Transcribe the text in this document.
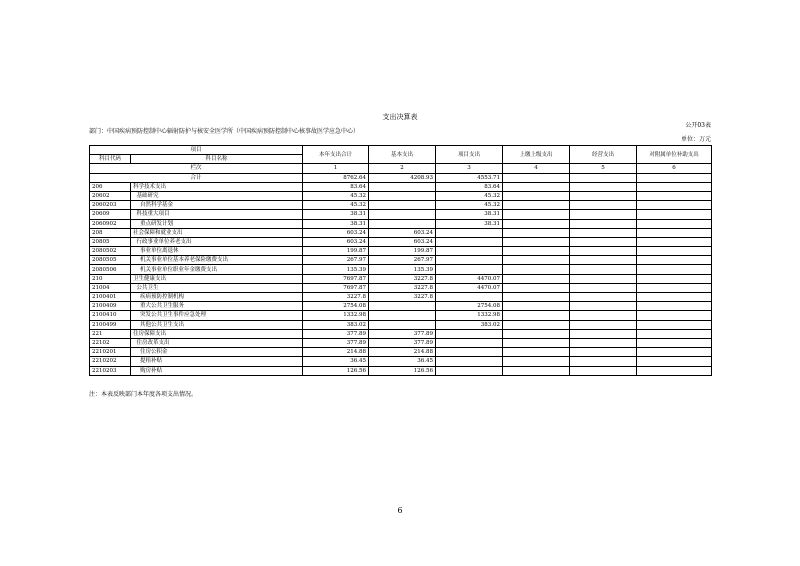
支出决算表
公开03表
部门：中国疾病预防控制中心辐射防护与核安全医学所（中国疾病预防控制中心核事故医学应急中心）
单位：万元
项目		本年支出合计	基本支出	项目支出	上缴上级支出	经营支出	对附属单位补助支出
科目代码	科目名称						
栏次		1	2	3	4	5	6
合计		8762.64	4208.93	4553.71			
206	科学技术支出	83.64		83.64			
20602	基础研究	45.32		45.32			
2060203	自然科学基金	45.32		45.32			
20609	科技重大项目	38.31		38.31			
2060902	重点研发计划	38.31		38.31			
208	社会保障和就业支出	603.24	603.24				
20805	行政事业单位养老支出	603.24	603.24				
2080502	事业单位离退休	199.87	199.87				
2080505	机关事业单位基本养老保险缴费支出	267.97	267.97				
2080506	机关事业单位职业年金缴费支出	135.39	135.39				
210	卫生健康支出	7697.87	3227.8	4470.07			
21004	公共卫生	7697.87	3227.8	4470.07			
2100401	疾病预防控制机构	3227.8	3227.8				
2100409	重大公共卫生服务	2754.08		2754.08			
2100410	突发公共卫生事件应急处理	1332.98		1332.98			
2100499	其他公共卫生支出	383.02		383.02			
221	住房保障支出	377.89	377.89				
22102	住房改革支出	377.89	377.89				
2210201	住房公积金	214.88	214.88				
2210202	提租补贴	36.45	36.45				
2210203	购房补贴	126.56	126.56				
注：本表反映部门本年度各项支出情况。
6
